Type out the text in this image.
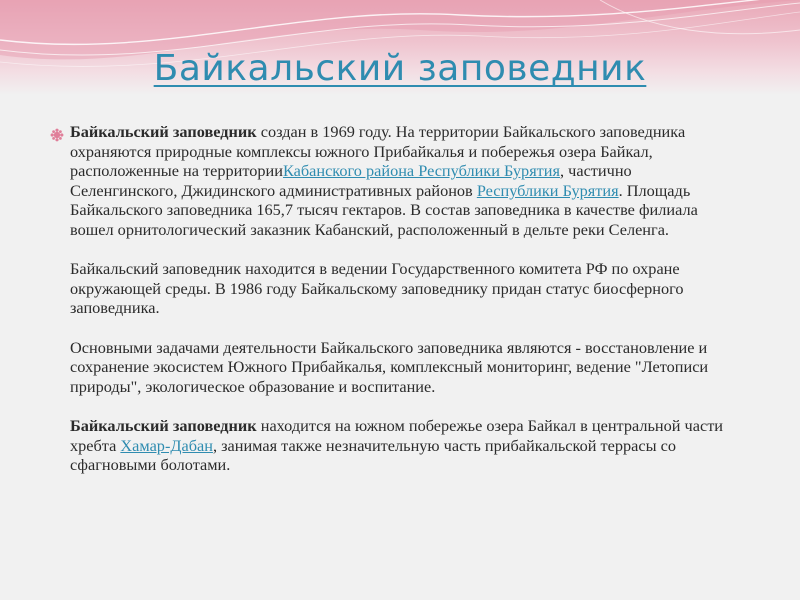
Байкальский заповедник

Байкальский заповедник создан в 1969 году. На территории Байкальского заповедника охраняются природные комплексы южного Прибайкалья и побережья озера Байкал, расположенные на территорииКабанского района Республики Бурятия, частично Селенгинского, Джидинского административных районов Республики Бурятия. Площадь Байкальского заповедника 165,7 тысяч гектаров. В состав заповедника в качестве филиала вошел орнитологический заказник Кабанский, расположенный в дельте реки Селенга.

Байкальский заповедник находится в ведении Государственного комитета РФ по охране окружающей среды. В 1986 году Байкальскому заповеднику придан статус биосферного заповедника.

Основными задачами деятельности Байкальского заповедника являются - восстановление и сохранение экосистем Южного Прибайкалья, комплексный мониторинг, ведение "Летописи природы", экологическое образование и воспитание.

Байкальский заповедник находится на южном побережье озера Байкал в центральной части хребта Хамар-Дабан, занимая также незначительную часть прибайкальской террасы со сфагновыми болотами.
